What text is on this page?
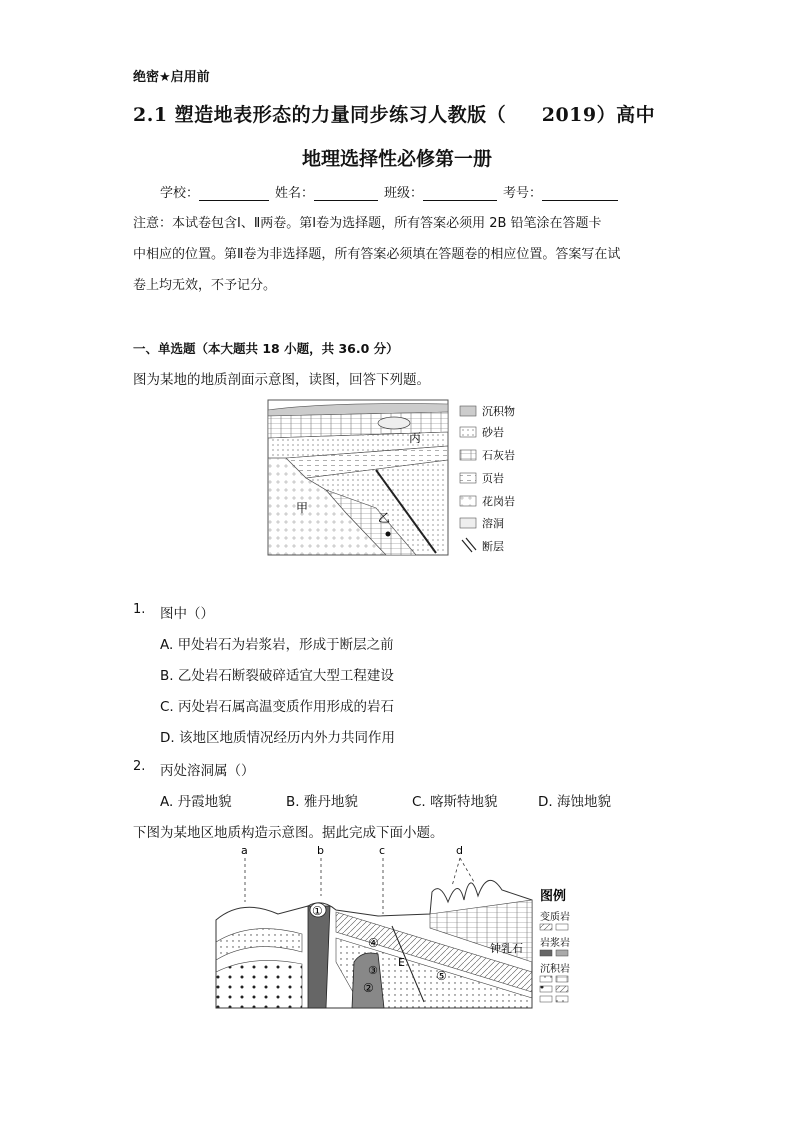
绝密★启用前
2.1 塑造地表形态的力量同步练习人教版（     2019）高中
地理选择性必修第一册
学校：	姓名：	班级：	考号：
注意：本试卷包含Ⅰ、Ⅱ两卷。第Ⅰ卷为选择题，所有答案必须用 2B 铅笔涂在答题卡
中相应的位置。第Ⅱ卷为非选择题，所有答案必须填在答题卷的相应位置。答案写在试
卷上均无效，不予记分。
一、单选题（本大题共 18 小题，共 36.0 分）
图为某地的地质剖面示意图，读图，回答下列题。
丙
甲
乙
沉积物
砂岩
石灰岩
页岩
花岗岩
溶洞
断层
1. 图中（）
A. 甲处岩石为岩浆岩，形成于断层之前
B. 乙处岩石断裂破碎适宜大型工程建设
C. 丙处岩石属高温变质作用形成的岩石
D. 该地区地质情况经历内外力共同作用
2. 丙处溶洞属（）
A. 丹霞地貌	B. 雅丹地貌	C. 喀斯特地貌	D. 海蚀地貌
下图为某地区地质构造示意图。据此完成下面小题。
a	b	c	d
①
②
③
④
⑤
E
钟乳石
图例
变质岩
岩浆岩
沉积岩
